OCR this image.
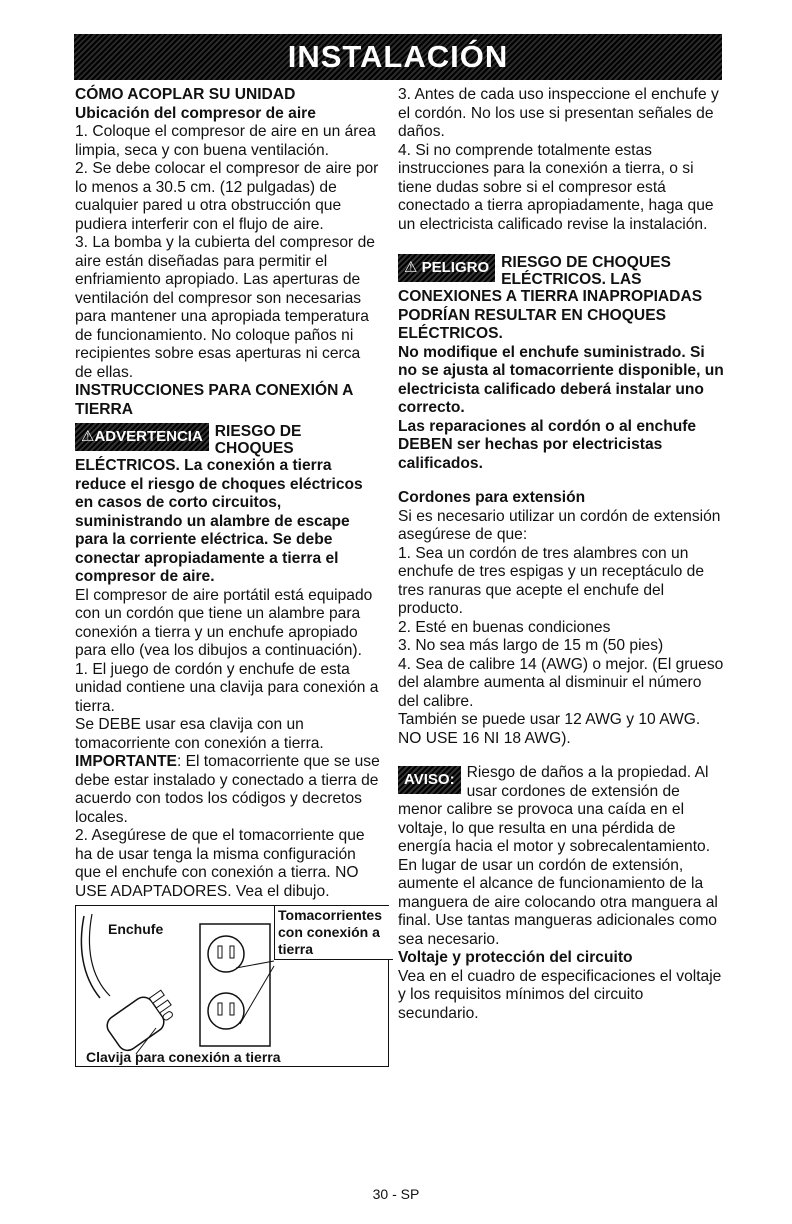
INSTALACIÓN

CÓMO ACOPLAR SU UNIDAD

Ubicación del compresor de aire

1. Coloque el compresor de aire en un área limpia, seca y con buena ventilación.

2. Se debe colocar el compresor de aire por lo menos a 30.5 cm. (12 pulgadas) de cualquier pared u otra obstrucción que pudiera interferir con el flujo de aire.

3. La bomba y la cubierta del compresor de aire están diseñadas para permitir el enfriamiento apropiado. Las aperturas de ventilación del compresor son necesarias para mantener una apropiada temperatura de funcionamiento. No coloque paños ni recipientes sobre esas aperturas ni cerca de ellas.

INSTRUCCIONES PARA CONEXIÓN A TIERRA

⚠ADVERTENCIA RIESGO DE CHOQUES

ELÉCTRICOS. La conexión a tierra reduce el riesgo de choques eléctricos en casos de corto circuitos, suministrando un alambre de escape para la corriente eléctrica. Se debe conectar apropiadamente a tierra el compresor de aire.

El compresor de aire portátil está equipado con un cordón que tiene un alambre para conexión a tierra y un enchufe apropiado para ello (vea los dibujos a continuación).

1. El juego de cordón y enchufe de esta unidad contiene una clavija para conexión a tierra.

Se DEBE usar esa clavija con un tomacorriente con conexión a tierra.

IMPORTANTE: El tomacorriente que se use debe estar instalado y conectado a tierra de acuerdo con todos los códigos y decretos locales.

2. Asegúrese de que el tomacorriente que ha de usar tenga la misma configuración que el enchufe con conexión a tierra. NO USE ADAPTADORES. Vea el dibujo.

Enchufe
Tomacorrientes con conexión a tierra
Clavija para conexión a tierra

3. Antes de cada uso inspeccione el enchufe y el cordón. No los use si presentan señales de daños.

4. Si no comprende totalmente estas instrucciones para la conexión a tierra, o si tiene dudas sobre si el compresor está conectado a tierra apropiadamente, haga que un electricista calificado revise la instalación.

⚠ PELIGRO RIESGO DE CHOQUES ELÉCTRICOS. LAS

CONEXIONES A TIERRA INAPROPIADAS PODRÍAN RESULTAR EN CHOQUES ELÉCTRICOS.

No modifique el enchufe suministrado. Si no se ajusta al tomacorriente disponible, un electricista calificado deberá instalar uno correcto.

Las reparaciones al cordón o al enchufe DEBEN ser hechas por electricistas calificados.

Cordones para extensión

Si es necesario utilizar un cordón de extensión asegúrese de que:

1. Sea un cordón de tres alambres con un enchufe de tres espigas y un receptáculo de tres ranuras que acepte el enchufe del producto.

2. Esté en buenas condiciones

3. No sea más largo de 15 m (50 pies)

4. Sea de calibre 14 (AWG) o mejor. (El grueso del alambre aumenta al disminuir el número del calibre.

También se puede usar 12 AWG y 10 AWG. NO USE 16 NI 18 AWG).

AVISO: Riesgo de daños a la propiedad. Al usar cordones de extensión de menor calibre se provoca una caída en el voltaje, lo que resulta en una pérdida de energía hacia el motor y sobrecalentamiento. En lugar de usar un cordón de extensión, aumente el alcance de funcionamiento de la manguera de aire colocando otra manguera al final. Use tantas mangueras adicionales como sea necesario.

Voltaje y protección del circuito

Vea en el cuadro de especificaciones el voltaje y los requisitos mínimos del circuito secundario.

30 - SP
